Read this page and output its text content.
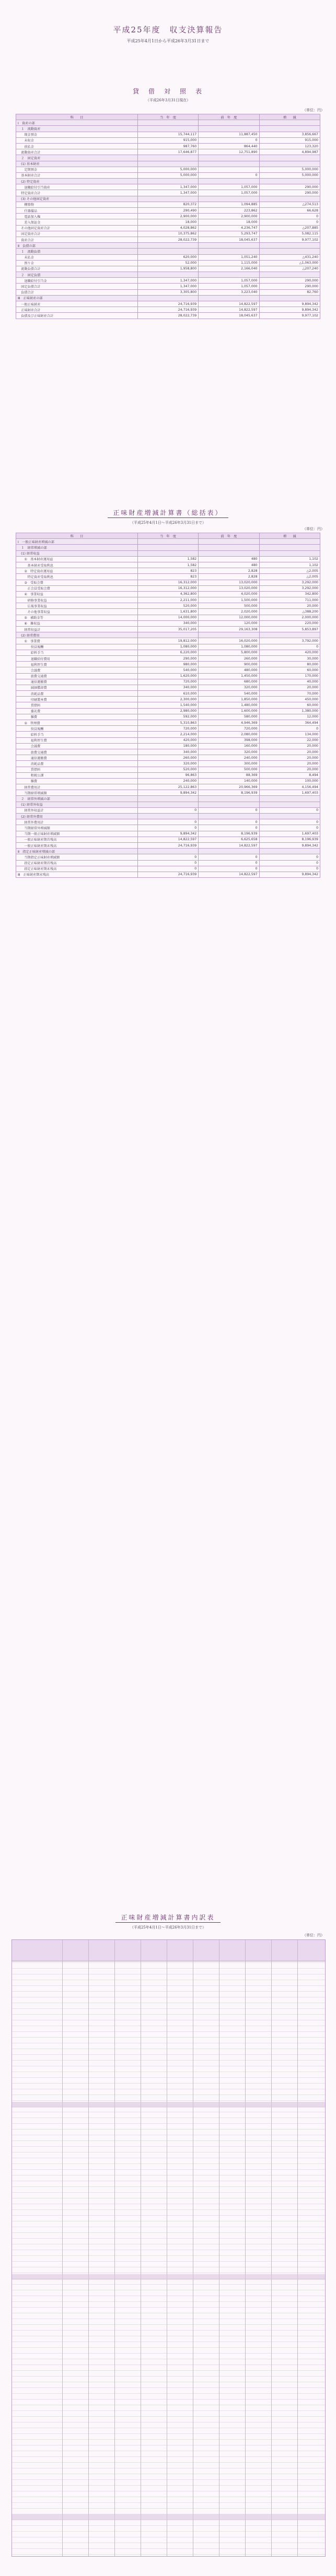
平成25年度　収支決算報告
平成25年4月1日から平成26年3月31日まで
貸　借　対　照　表
（平成26年3月31日現在）
（単位：円）
科　　目	当　年　度	前　年　度	増　　減
Ⅰ　資産の部			
　１　流動資産			
　　現金預金	15,744,117	11,887,450	3,856,667
　　未収金	915,000	0	915,000
　　前払金	987,760	864,440	123,320
　流動資産合計	17,646,877	12,751,890	4,894,987
　２　固定資産			
　(1) 基本財産			
　　定期預金	5,000,000		5,000,000
　基本財産合計	5,000,000	0	5,000,000
　(2) 特定資産			
　　退職給付引当資産	1,347,000	1,057,000	290,000
　特定資産合計	1,347,000	1,057,000	290,000
　(3) その他固定資産			
　　構築物	820,372	1,094,885	△274,513
　　什器備品	290,490	223,862	66,628
　　電話加入権	2,900,000	2,900,000	0
　　差入保証金	18,000	18,000	0
　その他固定資産合計	4,028,862	4,236,747	△207,885
　固定資産合計	10,375,862	5,293,747	5,082,115
　資産合計	28,022,739	18,045,637	9,977,102
Ⅱ　負債の部			
　１　流動負債			
　　未払金	620,000	1,051,240	△431,240
　　預り金	52,000	1,115,000	△1,063,000
　流動負債合計	1,958,800	2,166,040	△207,240
　２　固定負債			
　　退職給付引当金	1,347,000	1,057,000	290,000
　固定負債合計	1,347,000	1,057,000	290,000
　負債合計	3,305,800	3,223,040	82,760
Ⅲ　正味財産の部			
　一般正味財産	24,716,939	14,822,597	9,894,342
　正味財産合計	24,716,939	14,822,597	9,894,342
　負債及び正味財産合計	28,022,739	18,045,637	9,977,102
正味財産増減計算書（総括表）
（平成25年4月1日〜平成26年3月31日まで）
（単位：円）
科　　目	当　年　度	前　年　度	増　　減
Ⅰ　一般正味財産増減の部			
　１　経常増減の部			
　(1) 経常収益			
　　①　基本財産運用益	1,582	480	1,102
　　　基本財産受取利息	1,582	480	1,102
　　②　特定資産運用益	823	2,828	△2,005
　　　特定資産受取利息	823	2,828	△2,005
　　③　受取会費	16,312,000	13,020,000	3,292,000
　　　正会員受取会費	16,312,000	13,020,000	3,292,000
　　④　事業収益	4,362,800	4,020,000	342,800
　　　研修事業収益	2,211,000	1,500,000	711,000
　　　広報事業収益	520,000	500,000	20,000
　　　その他事業収益	1,631,800	2,020,000	△388,200
　　⑤　補助金等	14,000,000	12,000,000	2,000,000
　　⑥　雑収益	340,000	120,000	220,000
　　経常収益計	35,017,205	29,163,308	5,853,897
　(2) 経常費用			
　　①　事業費	19,812,000	16,020,000	3,792,000
　　　　役員報酬	1,080,000	1,080,000	0
　　　　給料手当	6,220,000	5,800,000	420,000
　　　　退職給付費用	290,000	260,000	30,000
　　　　福利厚生費	980,000	900,000	80,000
　　　　会議費	540,000	480,000	60,000
　　　　旅費交通費	1,620,000	1,450,000	170,000
　　　　通信運搬費	720,000	680,000	40,000
　　　　減価償却費	340,000	320,000	20,000
　　　　消耗品費	610,000	540,000	70,000
　　　　印刷製本費	2,300,000	1,850,000	450,000
　　　　賃借料	1,540,000	1,480,000	60,000
　　　　委託費	2,980,000	1,600,000	1,380,000
　　　　雑費	592,000	580,000	12,000
　　②　管理費	5,310,863	4,946,369	364,494
　　　　役員報酬	720,000	720,000	0
　　　　給料手当	2,214,000	2,080,000	134,000
　　　　福利厚生費	420,000	398,000	22,000
　　　　会議費	180,000	160,000	20,000
　　　　旅費交通費	340,000	320,000	20,000
　　　　通信運搬費	260,000	240,000	20,000
　　　　消耗品費	320,000	300,000	20,000
　　　　賃借料	520,000	500,000	20,000
　　　　租税公課	96,863	88,369	8,494
　　　　雑費	240,000	140,000	100,000
　　経常費用計	25,122,863	20,966,369	4,156,494
　　当期経常増減額	9,894,342	8,196,939	1,697,403
　２　経常外増減の部			
　(1) 経常外収益			
　　経常外収益計	0	0	0
　(2) 経常外費用			
　　経常外費用計	0	0	0
　　当期経常外増減額	0	0	0
　　当期一般正味財産増減額	9,894,342	8,196,939	1,697,403
　　一般正味財産期首残高	14,822,597	6,625,658	8,196,939
　　一般正味財産期末残高	24,716,939	14,822,597	9,894,342
Ⅱ　指定正味財産増減の部			
　　当期指定正味財産増減額	0	0	0
　　指定正味財産期首残高	0	0	0
　　指定正味財産期末残高	0	0	0
Ⅲ　正味財産期末残高	24,716,939	14,822,597	9,894,342
正味財産増減計算書内訳表
（平成25年4月1日〜平成26年3月31日まで）
（単位：円）
